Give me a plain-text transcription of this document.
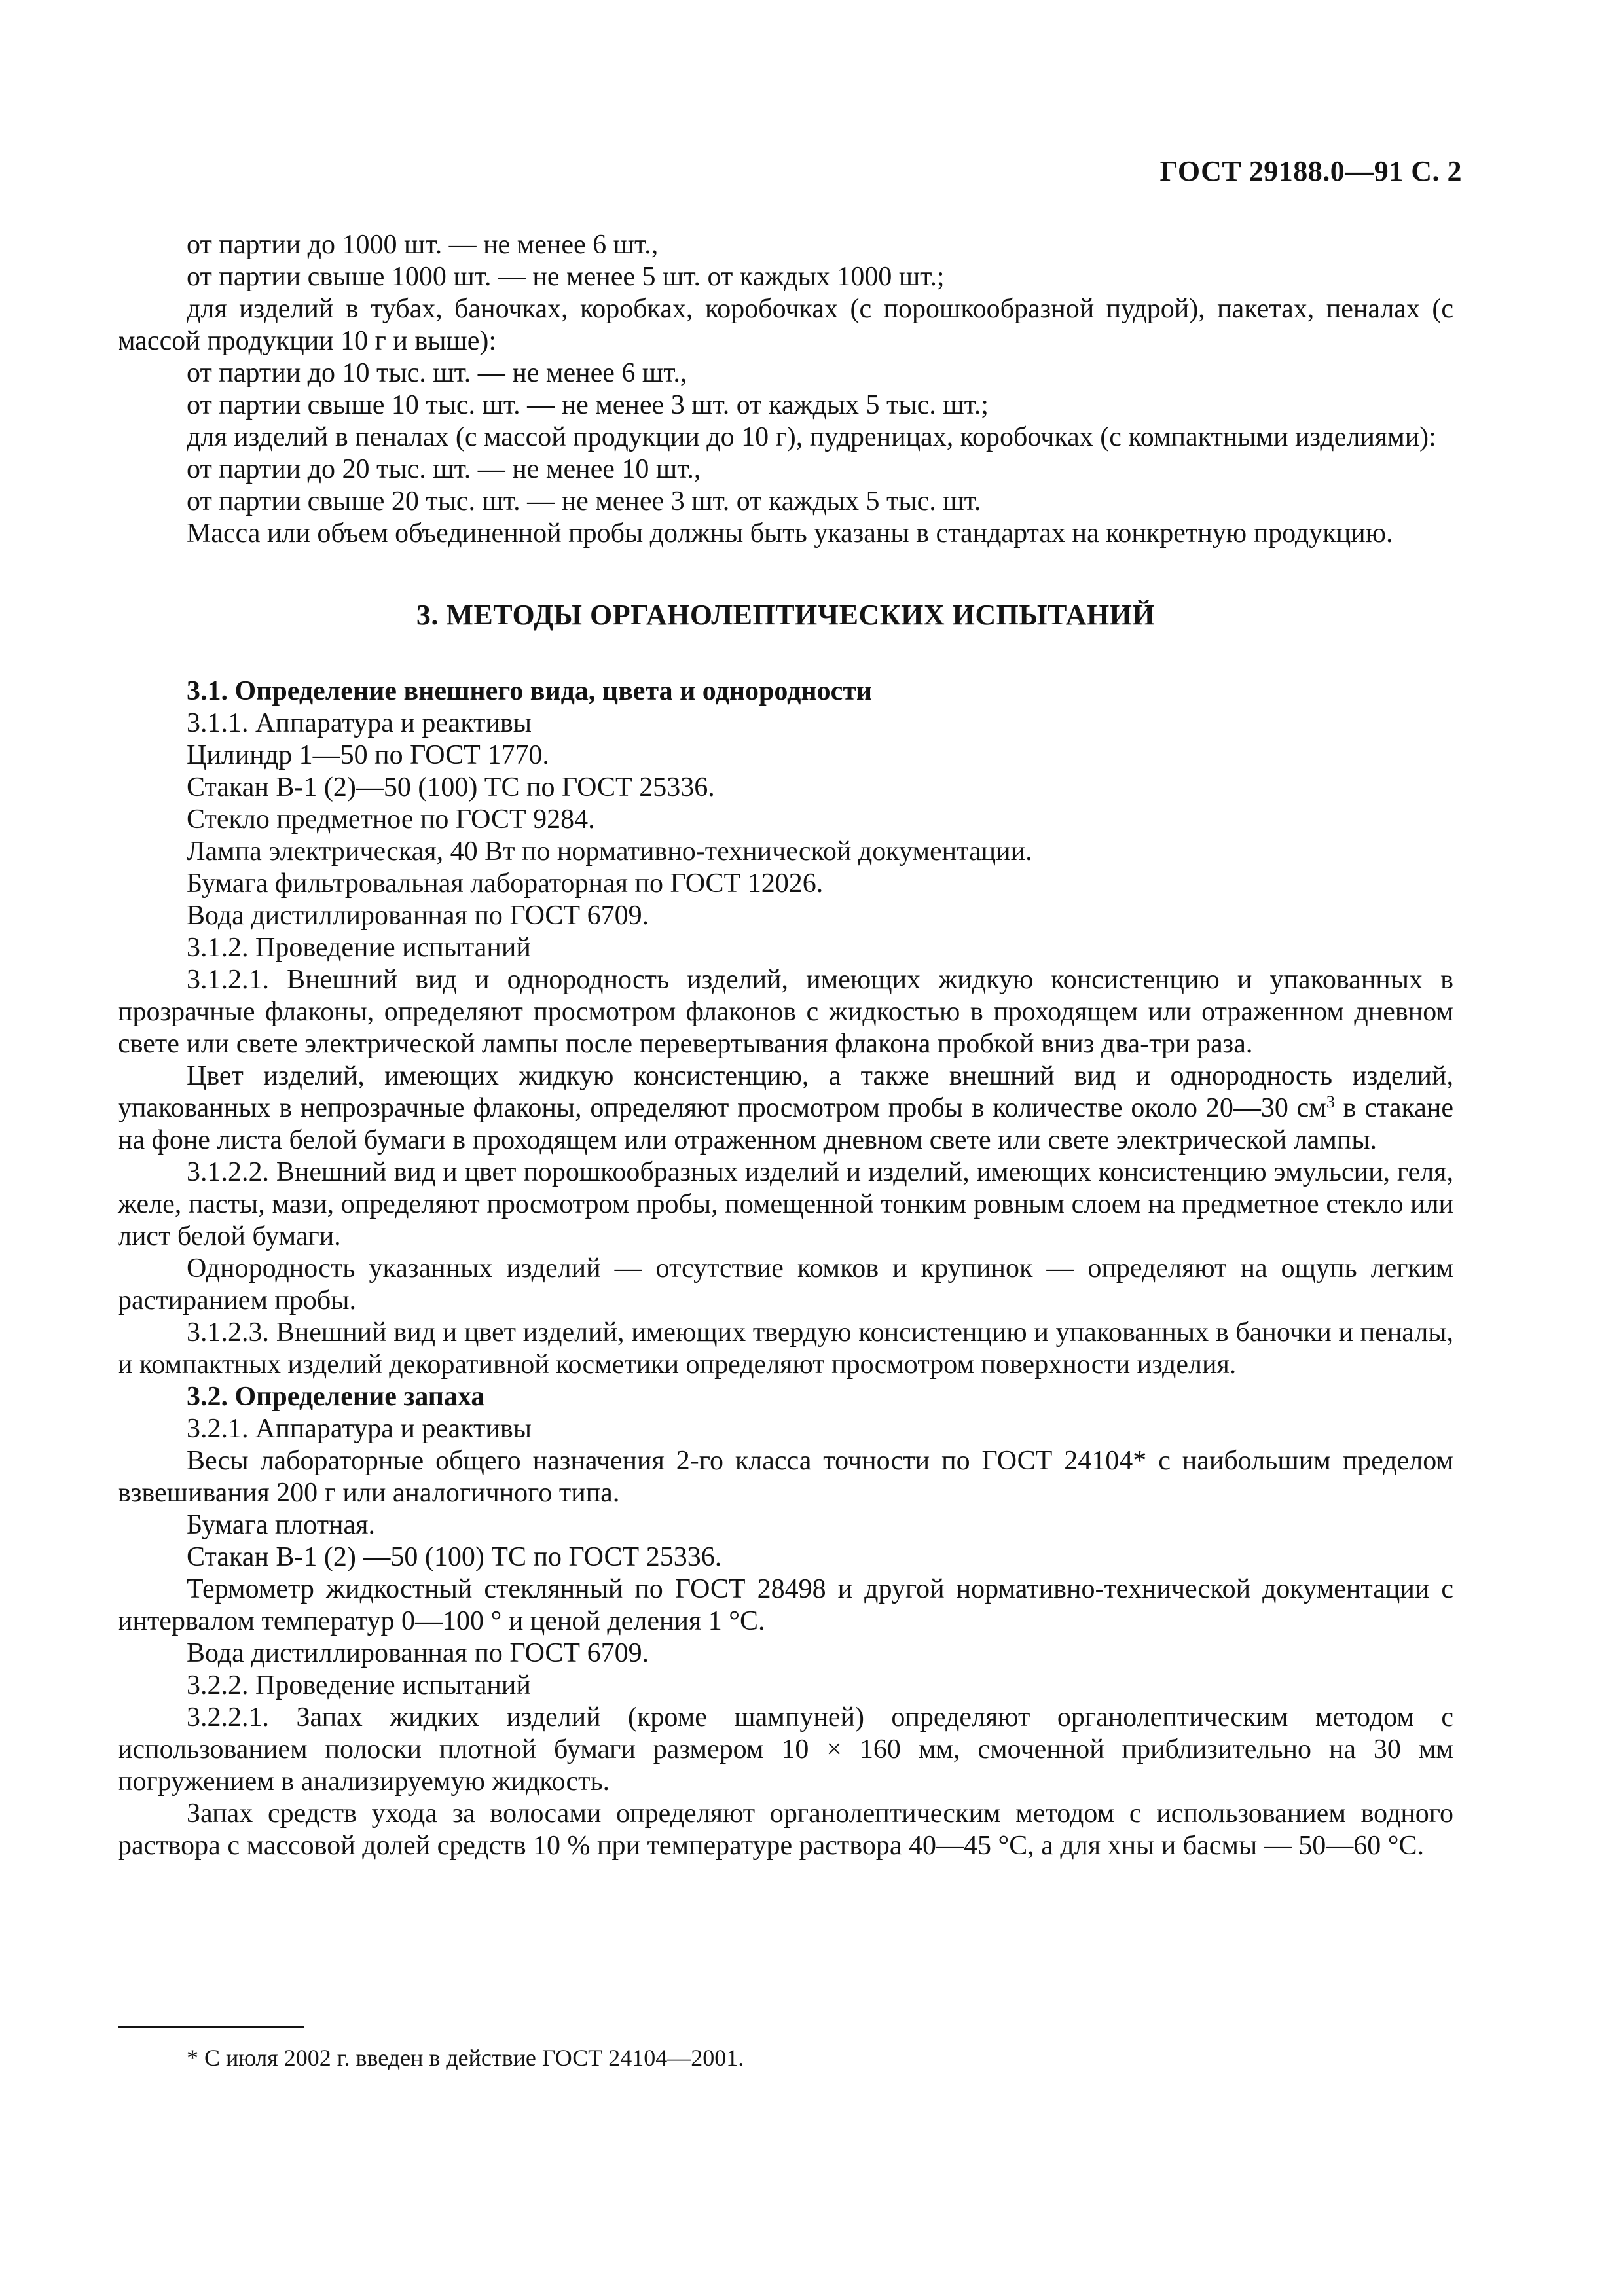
ГОСТ 29188.0—91 С. 2

от партии до 1000 шт. — не менее 6 шт.,

от партии свыше 1000 шт. — не менее 5 шт. от каждых 1000 шт.;

для изделий в тубах, баночках, коробках, коробочках (с порошкообразной пудрой), пакетах, пеналах (с массой продукции 10 г и выше):

от партии до 10 тыс. шт. — не менее 6 шт.,

от партии свыше 10 тыс. шт. — не менее 3 шт. от каждых 5 тыс. шт.;

для изделий в пеналах (с массой продукции до 10 г), пудреницах, коробочках (с компактными изделиями):

от партии до 20 тыс. шт. — не менее 10 шт.,

от партии свыше 20 тыс. шт. — не менее 3 шт. от каждых 5 тыс. шт.

Масса или объем объединенной пробы должны быть указаны в стандартах на конкретную продукцию.

3. МЕТОДЫ ОРГАНОЛЕПТИЧЕСКИХ ИСПЫТАНИЙ

3.1. Определение внешнего вида, цвета и однородности

3.1.1. Аппаратура и реактивы

Цилиндр 1—50 по ГОСТ 1770.

Стакан В-1 (2)—50 (100) ТС по ГОСТ 25336.

Стекло предметное по ГОСТ 9284.

Лампа электрическая, 40 Вт по нормативно-технической документации.

Бумага фильтровальная лабораторная по ГОСТ 12026.

Вода дистиллированная по ГОСТ 6709.

3.1.2. Проведение испытаний

3.1.2.1. Внешний вид и однородность изделий, имеющих жидкую консистенцию и упакованных в прозрачные флаконы, определяют просмотром флаконов с жидкостью в проходящем или отраженном дневном свете или свете электрической лампы после перевертывания флакона пробкой вниз два-три раза.

Цвет изделий, имеющих жидкую консистенцию, а также внешний вид и однородность изделий, упакованных в непрозрачные флаконы, определяют просмотром пробы в количестве около 20—30 $см^3$ в стакане на фоне листа белой бумаги в проходящем или отраженном дневном свете или свете электрической лампы.

3.1.2.2. Внешний вид и цвет порошкообразных изделий и изделий, имеющих консистенцию эмульсии, геля, желе, пасты, мази, определяют просмотром пробы, помещенной тонким ровным слоем на предметное стекло или лист белой бумаги.

Однородность указанных изделий — отсутствие комков и крупинок — определяют на ощупь легким растиранием пробы.

3.1.2.3. Внешний вид и цвет изделий, имеющих твердую консистенцию и упакованных в баночки и пеналы, и компактных изделий декоративной косметики определяют просмотром поверхности изделия.

3.2. Определение запаха

3.2.1. Аппаратура и реактивы

Весы лабораторные общего назначения 2-го класса точности по ГОСТ 24104* с наибольшим пределом взвешивания 200 г или аналогичного типа.

Бумага плотная.

Стакан В-1 (2) —50 (100) ТС по ГОСТ 25336.

Термометр жидкостный стеклянный по ГОСТ 28498 и другой нормативно-технической документации с интервалом температур 0—100 ° и ценой деления 1 °С.

Вода дистиллированная по ГОСТ 6709.

3.2.2. Проведение испытаний

3.2.2.1. Запах жидких изделий (кроме шампуней) определяют органолептическим методом с использованием полоски плотной бумаги размером 10 × 160 мм, смоченной приблизительно на 30 мм погружением в анализируемую жидкость.

Запах средств ухода за волосами определяют органолептическим методом с использованием водного раствора с массовой долей средств 10 % при температуре раствора 40—45 °С, а для хны и басмы — 50—60 °С.

* С июля 2002 г. введен в действие ГОСТ 24104—2001.
